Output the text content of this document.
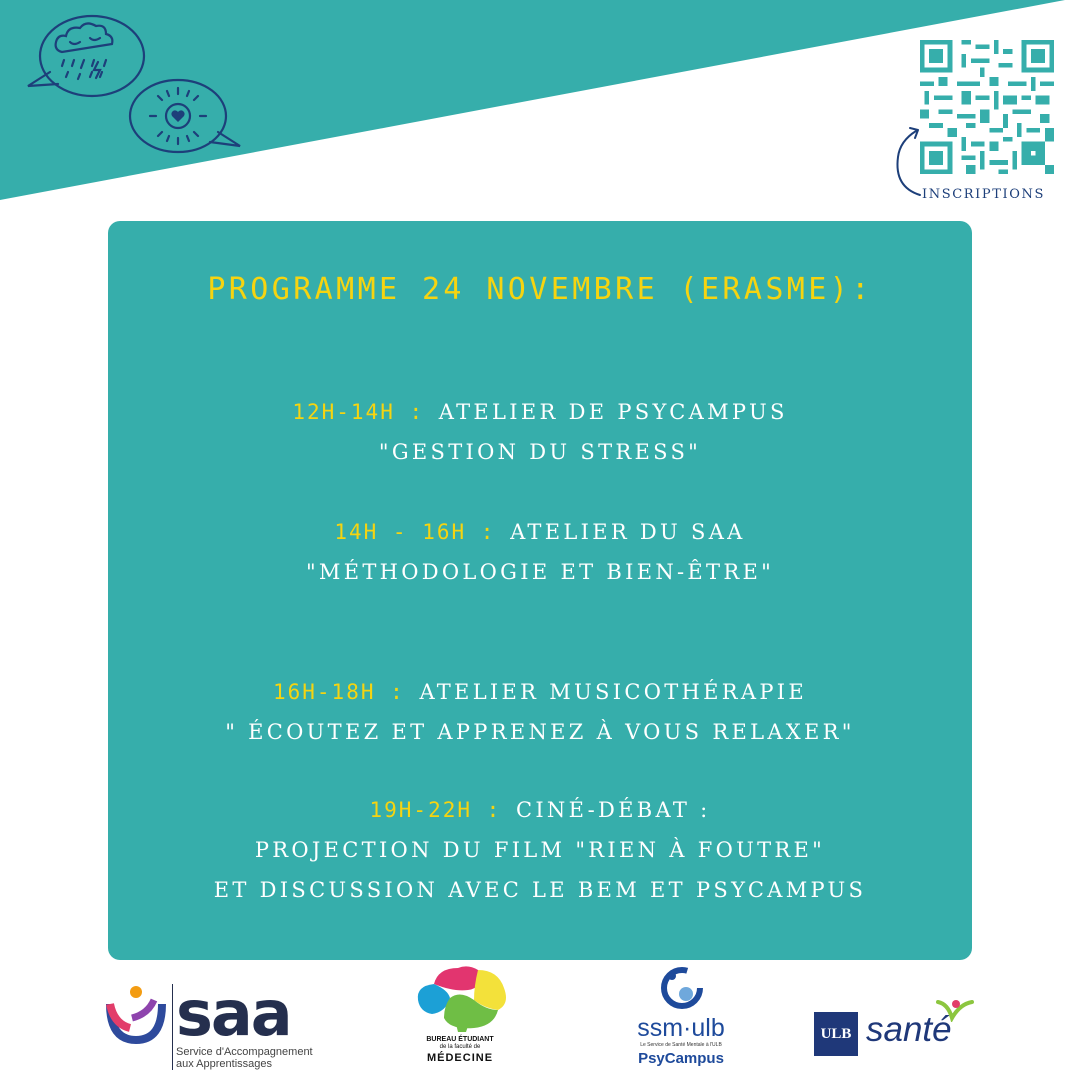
INSCRIPTIONS
PROGRAMME 24 NOVEMBRE (ERASME):
12H-14H : ATELIER DE PSYCAMPUS
"GESTION DU STRESS"
14H - 16H : ATELIER DU SAA
"MÉTHODOLOGIE ET BIEN-ÊTRE"
16H-18H : ATELIER MUSICOTHÉRAPIE
" ÉCOUTEZ ET APPRENEZ À VOUS RELAXER"
19H-22H : CINÉ-DÉBAT :
PROJECTION DU FILM "RIEN À FOUTRE"
ET DISCUSSION AVEC LE BEM ET PSYCAMPUS
saa
Service d'Accompagnement
aux Apprentissages
BUREAU ÉTUDIANT
de la faculté de
MÉDECINE
ssm·ulb
Le Service de Santé Mentale à l'ULB
PsyCampus
ULB santé
